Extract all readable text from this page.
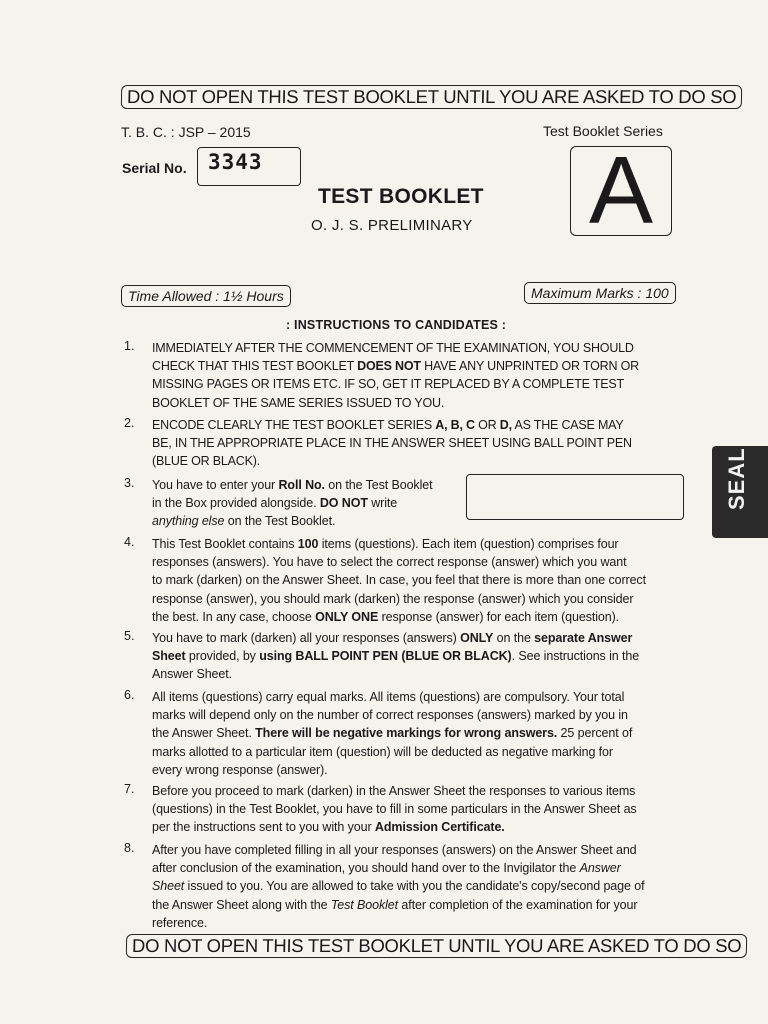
DO NOT OPEN THIS TEST BOOKLET UNTIL YOU ARE ASKED TO DO SO
T. B. C. : JSP – 2015
Serial No. 3343
Test Booklet Series
A
TEST BOOKLET
O. J. S. PRELIMINARY
Time Allowed : 1½ Hours	Maximum Marks : 100
: INSTRUCTIONS TO CANDIDATES :
1. IMMEDIATELY AFTER THE COMMENCEMENT OF THE EXAMINATION, YOU SHOULD
CHECK THAT THIS TEST BOOKLET DOES NOT HAVE ANY UNPRINTED OR TORN OR
MISSING PAGES OR ITEMS ETC. IF SO, GET IT REPLACED BY A COMPLETE TEST
BOOKLET OF THE SAME SERIES ISSUED TO YOU.
2. ENCODE CLEARLY THE TEST BOOKLET SERIES A, B, C OR D, AS THE CASE MAY
BE, IN THE APPROPRIATE PLACE IN THE ANSWER SHEET USING BALL POINT PEN
(BLUE OR BLACK).
3. You have to enter your Roll No. on the Test Booklet
in the Box provided alongside. DO NOT write
anything else on the Test Booklet.
4. This Test Booklet contains 100 items (questions). Each item (question) comprises four
responses (answers). You have to select the correct response (answer) which you want
to mark (darken) on the Answer Sheet. In case, you feel that there is more than one correct
response (answer), you should mark (darken) the response (answer) which you consider
the best. In any case, choose ONLY ONE response (answer) for each item (question).
5. You have to mark (darken) all your responses (answers) ONLY on the separate Answer
Sheet provided, by using BALL POINT PEN (BLUE OR BLACK). See instructions in the
Answer Sheet.
6. All items (questions) carry equal marks. All items (questions) are compulsory. Your total
marks will depend only on the number of correct responses (answers) marked by you in
the Answer Sheet. There will be negative markings for wrong answers. 25 percent of
marks allotted to a particular item (question) will be deducted as negative marking for
every wrong response (answer).
7. Before you proceed to mark (darken) in the Answer Sheet the responses to various items
(questions) in the Test Booklet, you have to fill in some particulars in the Answer Sheet as
per the instructions sent to you with your Admission Certificate.
8. After you have completed filling in all your responses (answers) on the Answer Sheet and
after conclusion of the examination, you should hand over to the Invigilator the Answer
Sheet issued to you. You are allowed to take with you the candidate's copy/second page of
the Answer Sheet along with the Test Booklet after completion of the examination for your
reference.
DO NOT OPEN THIS TEST BOOKLET UNTIL YOU ARE ASKED TO DO SO
SEAL
